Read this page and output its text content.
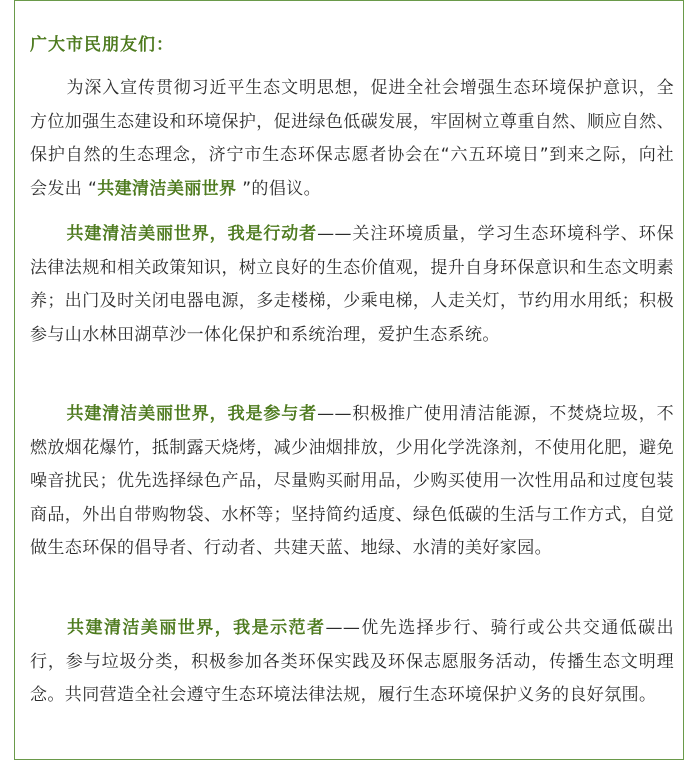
广大市民朋友们：

为深入宣传贯彻习近平生态文明思想，促进全社会增强生态环境保护意识，全方位加强生态建设和环境保护，促进绿色低碳发展，牢固树立尊重自然、顺应自然、保护自然的生态理念，济宁市生态环保志愿者协会在“六五环境日”到来之际，向社会发出 “共建清洁美丽世界 ”的倡议。

共建清洁美丽世界，我是行动者——关注环境质量，学习生态环境科学、环保法律法规和相关政策知识，树立良好的生态价值观，提升自身环保意识和生态文明素养；出门及时关闭电器电源，多走楼梯，少乘电梯，人走关灯，节约用水用纸；积极参与山水林田湖草沙一体化保护和系统治理，爱护生态系统。

共建清洁美丽世界，我是参与者——积极推广使用清洁能源，不焚烧垃圾，不燃放烟花爆竹，抵制露天烧烤，减少油烟排放，少用化学洗涤剂，不使用化肥，避免噪音扰民；优先选择绿色产品，尽量购买耐用品，少购买使用一次性用品和过度包装商品，外出自带购物袋、水杯等；坚持简约适度、绿色低碳的生活与工作方式，自觉做生态环保的倡导者、行动者、共建天蓝、地绿、水清的美好家园。

共建清洁美丽世界，我是示范者——优先选择步行、骑行或公共交通低碳出行，参与垃圾分类，积极参加各类环保实践及环保志愿服务活动，传播生态文明理念。共同营造全社会遵守生态环境法律法规，履行生态环境保护义务的良好氛围。
